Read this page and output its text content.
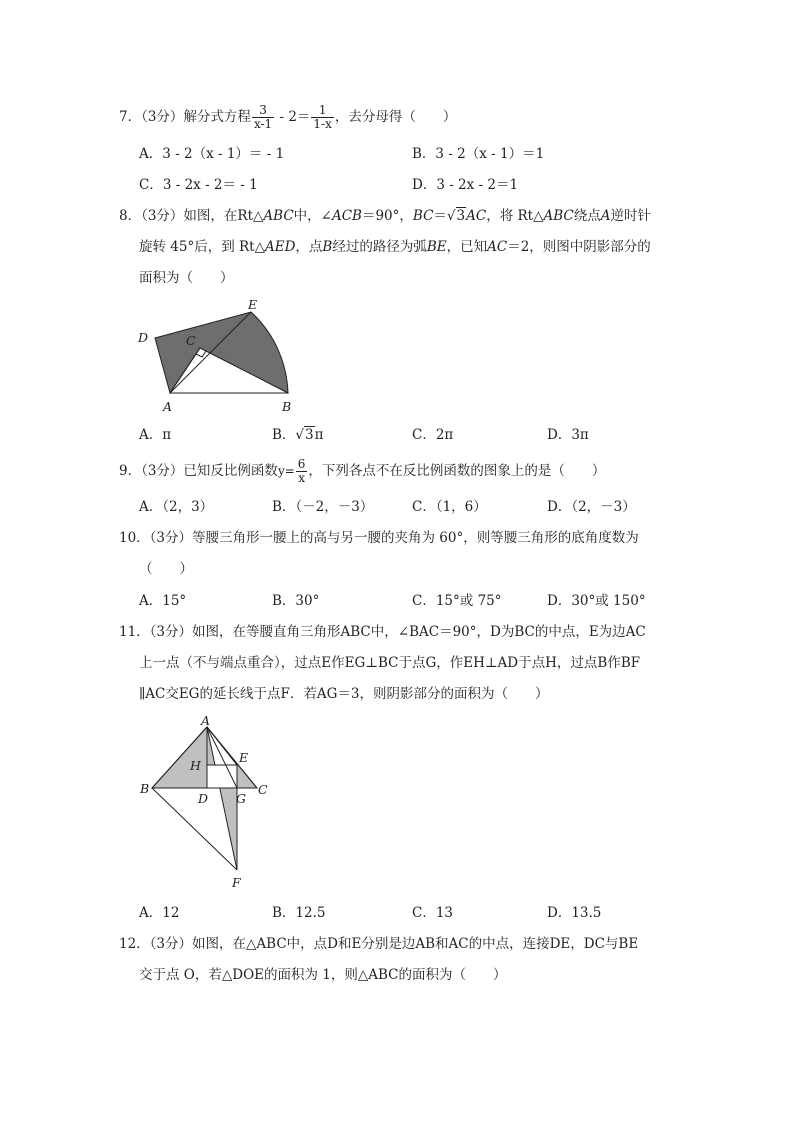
7．（3分）解分式方程 $\frac{3}{x-1} - 2= \frac{1}{1-x}$ ，去分母得（　　）
A．3 - 2（x - 1）＝ - 1	B．3 - 2（x - 1）＝1
C．3 - 2x - 2＝ - 1	D．3 - 2x - 2＝1
8．（3分）如图，在Rt△ABC中，∠ACB＝90°，BC＝√3AC，将 Rt△ABC绕点A逆时针
旋转 45°后，到 Rt△AED，点B经过的路径为弧BE，已知AC＝2，则图中阴影部分的
面积为（　　）
D	C
E
A	B
A．π	B．√3π	C．2π	D．3π
9．（3分）已知反比例函数$y= \frac{6}{x}$ ，下列各点不在反比例函数的图象上的是（　　）
A．（2，3）	B．（－2，－3）	C．（1，6）	D．（2，－3）
10．（3分）等腰三角形一腰上的高与另一腰的夹角为 60°，则等腰三角形的底角度数为
（　　）
A．15°	B．30°	C．15°或 75°	D．30°或 150°
11．（3分）如图，在等腰直角三角形ABC中，∠BAC＝90°，D为BC的中点，E为边AC
上一点（不与端点重合），过点E作EG⊥BC于点G，作EH⊥AD于点H，过点B作BF
∥AC交EG的延长线于点F．若AG＝3，则阴影部分的面积为（　　）
A
H
E
B
D G
C
F
A．12	B．12.5	C．13	D．13.5
12．（3分）如图，在△ABC中，点D和E分别是边AB和AC的中点，连接DE，DC与BE
交于点 O，若△DOE的面积为 1，则△ABC的面积为（　　）
